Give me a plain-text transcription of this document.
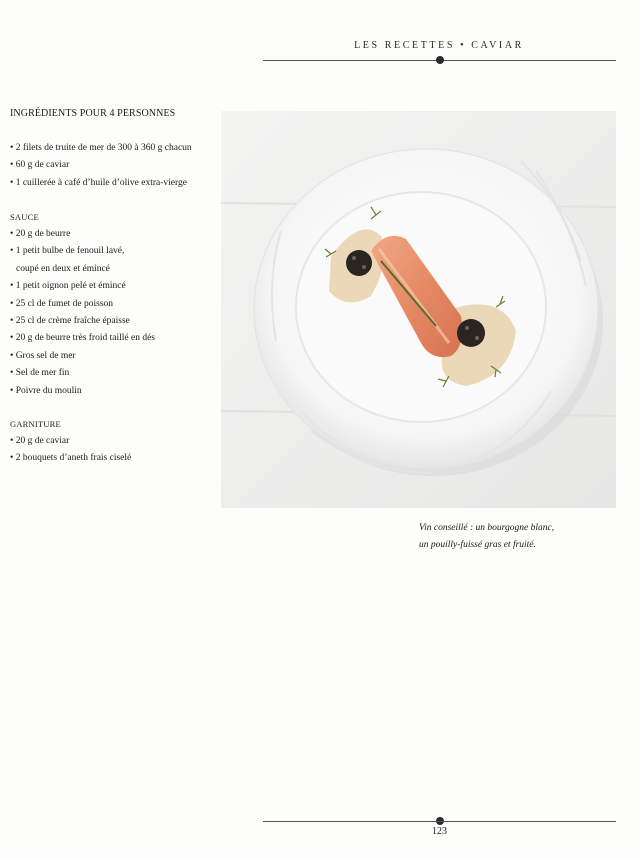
LES RECETTES • CAVIAR
INGRÉDIENTS POUR 4 PERSONNES
• 2 filets de truite de mer de 300 à 360 g chacun
• 60 g de caviar
• 1 cuillerée à café d’huile d’olive extra-vierge
SAUCE
• 20 g de beurre
• 1 petit bulbe de fenouil lavé,
coupé en deux et émincé
• 1 petit oignon pelé et émincé
• 25 cl de fumet de poisson
• 25 cl de crème fraîche épaisse
• 20 g de beurre très froid taillé en dés
• Gros sel de mer
• Sel de mer fin
• Poivre du moulin
GARNITURE
• 20 g de caviar
• 2 bouquets d’aneth frais ciselé
Vin conseillé : un bourgogne blanc,
un pouilly-fuissé gras et fruité.
123
